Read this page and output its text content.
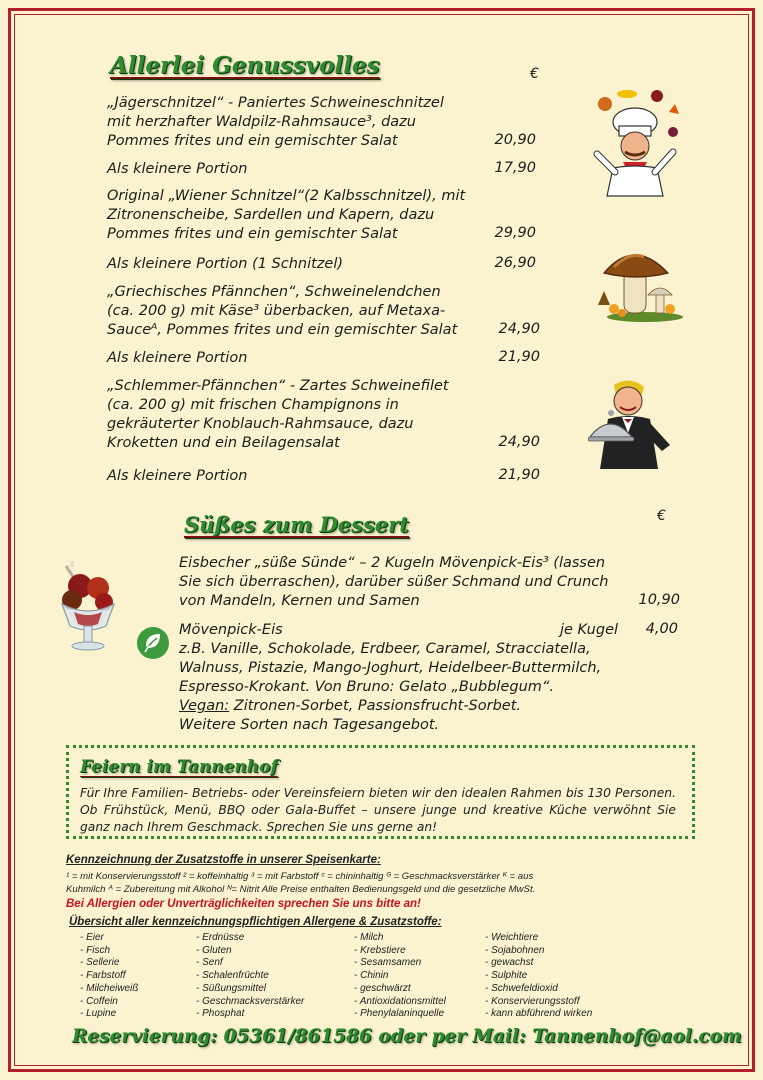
Allerlei Genussvolles	€
„Jägerschnitzel“ - Paniertes Schweineschnitzel
mit herzhafter Waldpilz-Rahmsauce³, dazu
Pommes frites und ein gemischter Salat	20,90
Als kleinere Portion	17,90
Original „Wiener Schnitzel“(2 Kalbsschnitzel), mit
Zitronenscheibe, Sardellen und Kapern, dazu
Pommes frites und ein gemischter Salat	29,90
Als kleinere Portion (1 Schnitzel)	26,90
„Griechisches Pfännchen“, Schweinelendchen
(ca. 200 g) mit Käse³ überbacken, auf Metaxa-
Sauceᴬ, Pommes frites und ein gemischter Salat	24,90
Als kleinere Portion	21,90
„Schlemmer-Pfännchen“ - Zartes Schweinefilet
(ca. 200 g) mit frischen Champignons in
gekräuterter Knoblauch-Rahmsauce, dazu
Kroketten und ein Beilagensalat	24,90
Als kleinere Portion	21,90
Süßes zum Dessert	€
Eisbecher „süße Sünde“ – 2 Kugeln Mövenpick-Eis³ (lassen
Sie sich überraschen), darüber süßer Schmand und Crunch
von Mandeln, Kernen und Samen	10,90
Mövenpick-Eis
z.B. Vanille, Schokolade, Erdbeer, Caramel, Stracciatella,
Walnuss, Pistazie, Mango-Joghurt, Heidelbeer-Buttermilch,
Espresso-Krokant. Von Bruno: Gelato „Bubblegum“.
Vegan: Zitronen-Sorbet, Passionsfrucht-Sorbet.
Weitere Sorten nach Tagesangebot.
je Kugel	4,00
Feiern im Tannenhof
Für Ihre Familien- Betriebs- oder Vereinsfeiern bieten wir den idealen Rahmen bis 130 Personen. Ob Frühstück, Menü, BBQ oder Gala-Buffet – unsere junge und kreative Küche verwöhnt Sie ganz nach Ihrem Geschmack. Sprechen Sie uns gerne an!
Kennzeichnung der Zusatzstoffe in unserer Speisenkarte:
¹ = mit Konservierungsstoff ² = koffeinhaltig ³ = mit Farbstoff ᶜ = chininhaltig ᴳ = Geschmacksverstärker ᴷ = aus
Kuhmilch ᴬ = Zubereitung mit Alkohol ᴺ= Nitrit Alle Preise enthalten Bedienungsgeld und die gesetzliche MwSt.
Bei Allergien oder Unverträglichkeiten sprechen Sie uns bitte an!
Übersicht aller kennzeichnungspflichtigen Allergene & Zusatzstoffe:
- Eier
- Fisch
- Sellerie
- Farbstoff
- Milcheiweiß
- Coffein
- Lupine
- Erdnüsse
- Gluten
- Senf
- Schalenfrüchte
- Süßungsmittel
- Geschmacksverstärker
- Phosphat
- Milch
- Krebstiere
- Sesamsamen
- Chinin
- geschwärzt
- Antioxidationsmittel
- Phenylalaninquelle
- Weichtiere
- Sojabohnen
- gewachst
- Sulphite
- Schwefeldioxid
- Konservierungsstoff
- kann abführend wirken
Reservierung: 05361/861586 oder per Mail: Tannenhof@aol.com
